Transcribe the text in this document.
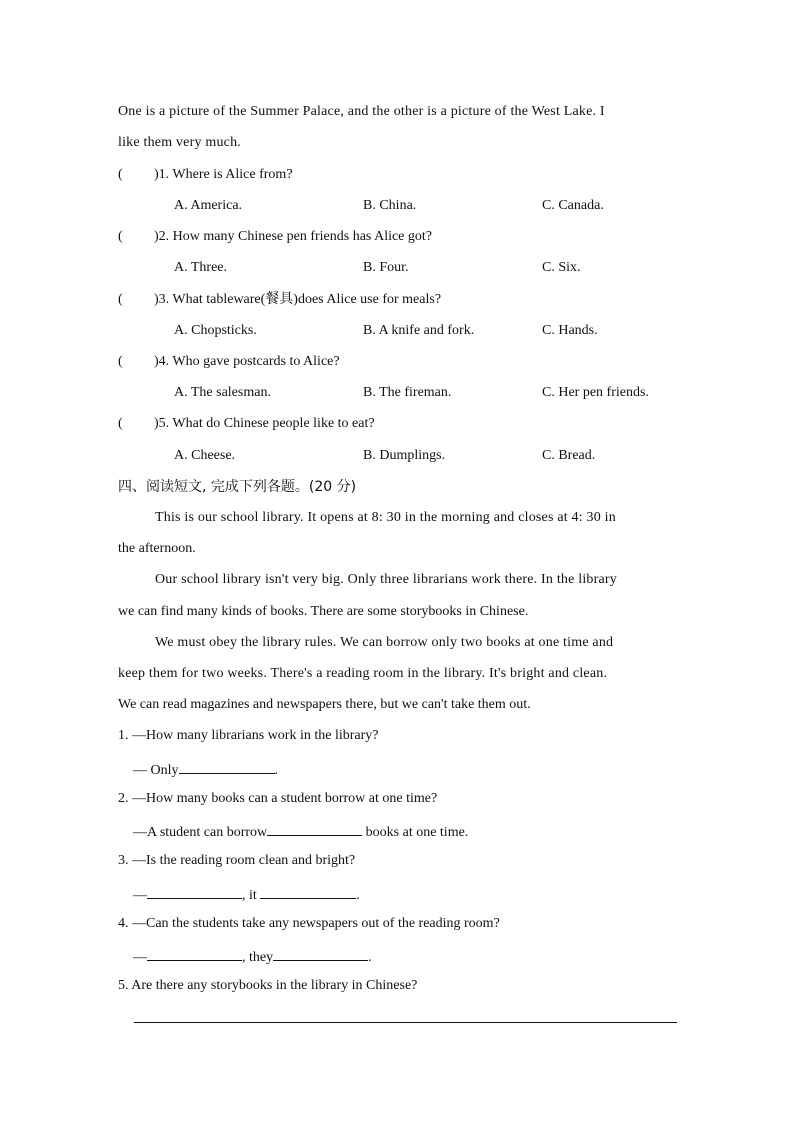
One is a picture of the Summer Palace, and the other is a picture of the West Lake. I
like them very much.
( )1. Where is Alice from?
A. America.	B. China.	C. Canada.
( )2. How many Chinese pen friends has Alice got?
A. Three.	B. Four.	C. Six.
( )3. What tableware(餐具)does Alice use for meals?
A. Chopsticks.	B. A knife and fork.	C. Hands.
( )4. Who gave postcards to Alice?
A. The salesman.	B. The fireman.	C. Her pen friends.
( )5. What do Chinese people like to eat?
A. Cheese.	B. Dumplings.	C. Bread.
四、阅读短文, 完成下列各题。(20 分)
This is our school library. It opens at 8: 30 in the morning and closes at 4: 30 in
the afternoon.
Our school library isn't very big. Only three librarians work there. In the library
we can find many kinds of books. There are some storybooks in Chinese.
We must obey the library rules. We can borrow only two books at one time and
keep them for two weeks. There's a reading room in the library. It's bright and clean.
We can read magazines and newspapers there, but we can't take them out.
1. —How many librarians work in the library?
— Only	.
2. —How many books can a student borrow at one time?
—A student can borrow	books at one time.
3. —Is the reading room clean and bright?
—	, it	.
4. —Can the students take any newspapers out of the reading room?
—	, they	.
5. Are there any storybooks in the library in Chinese?
